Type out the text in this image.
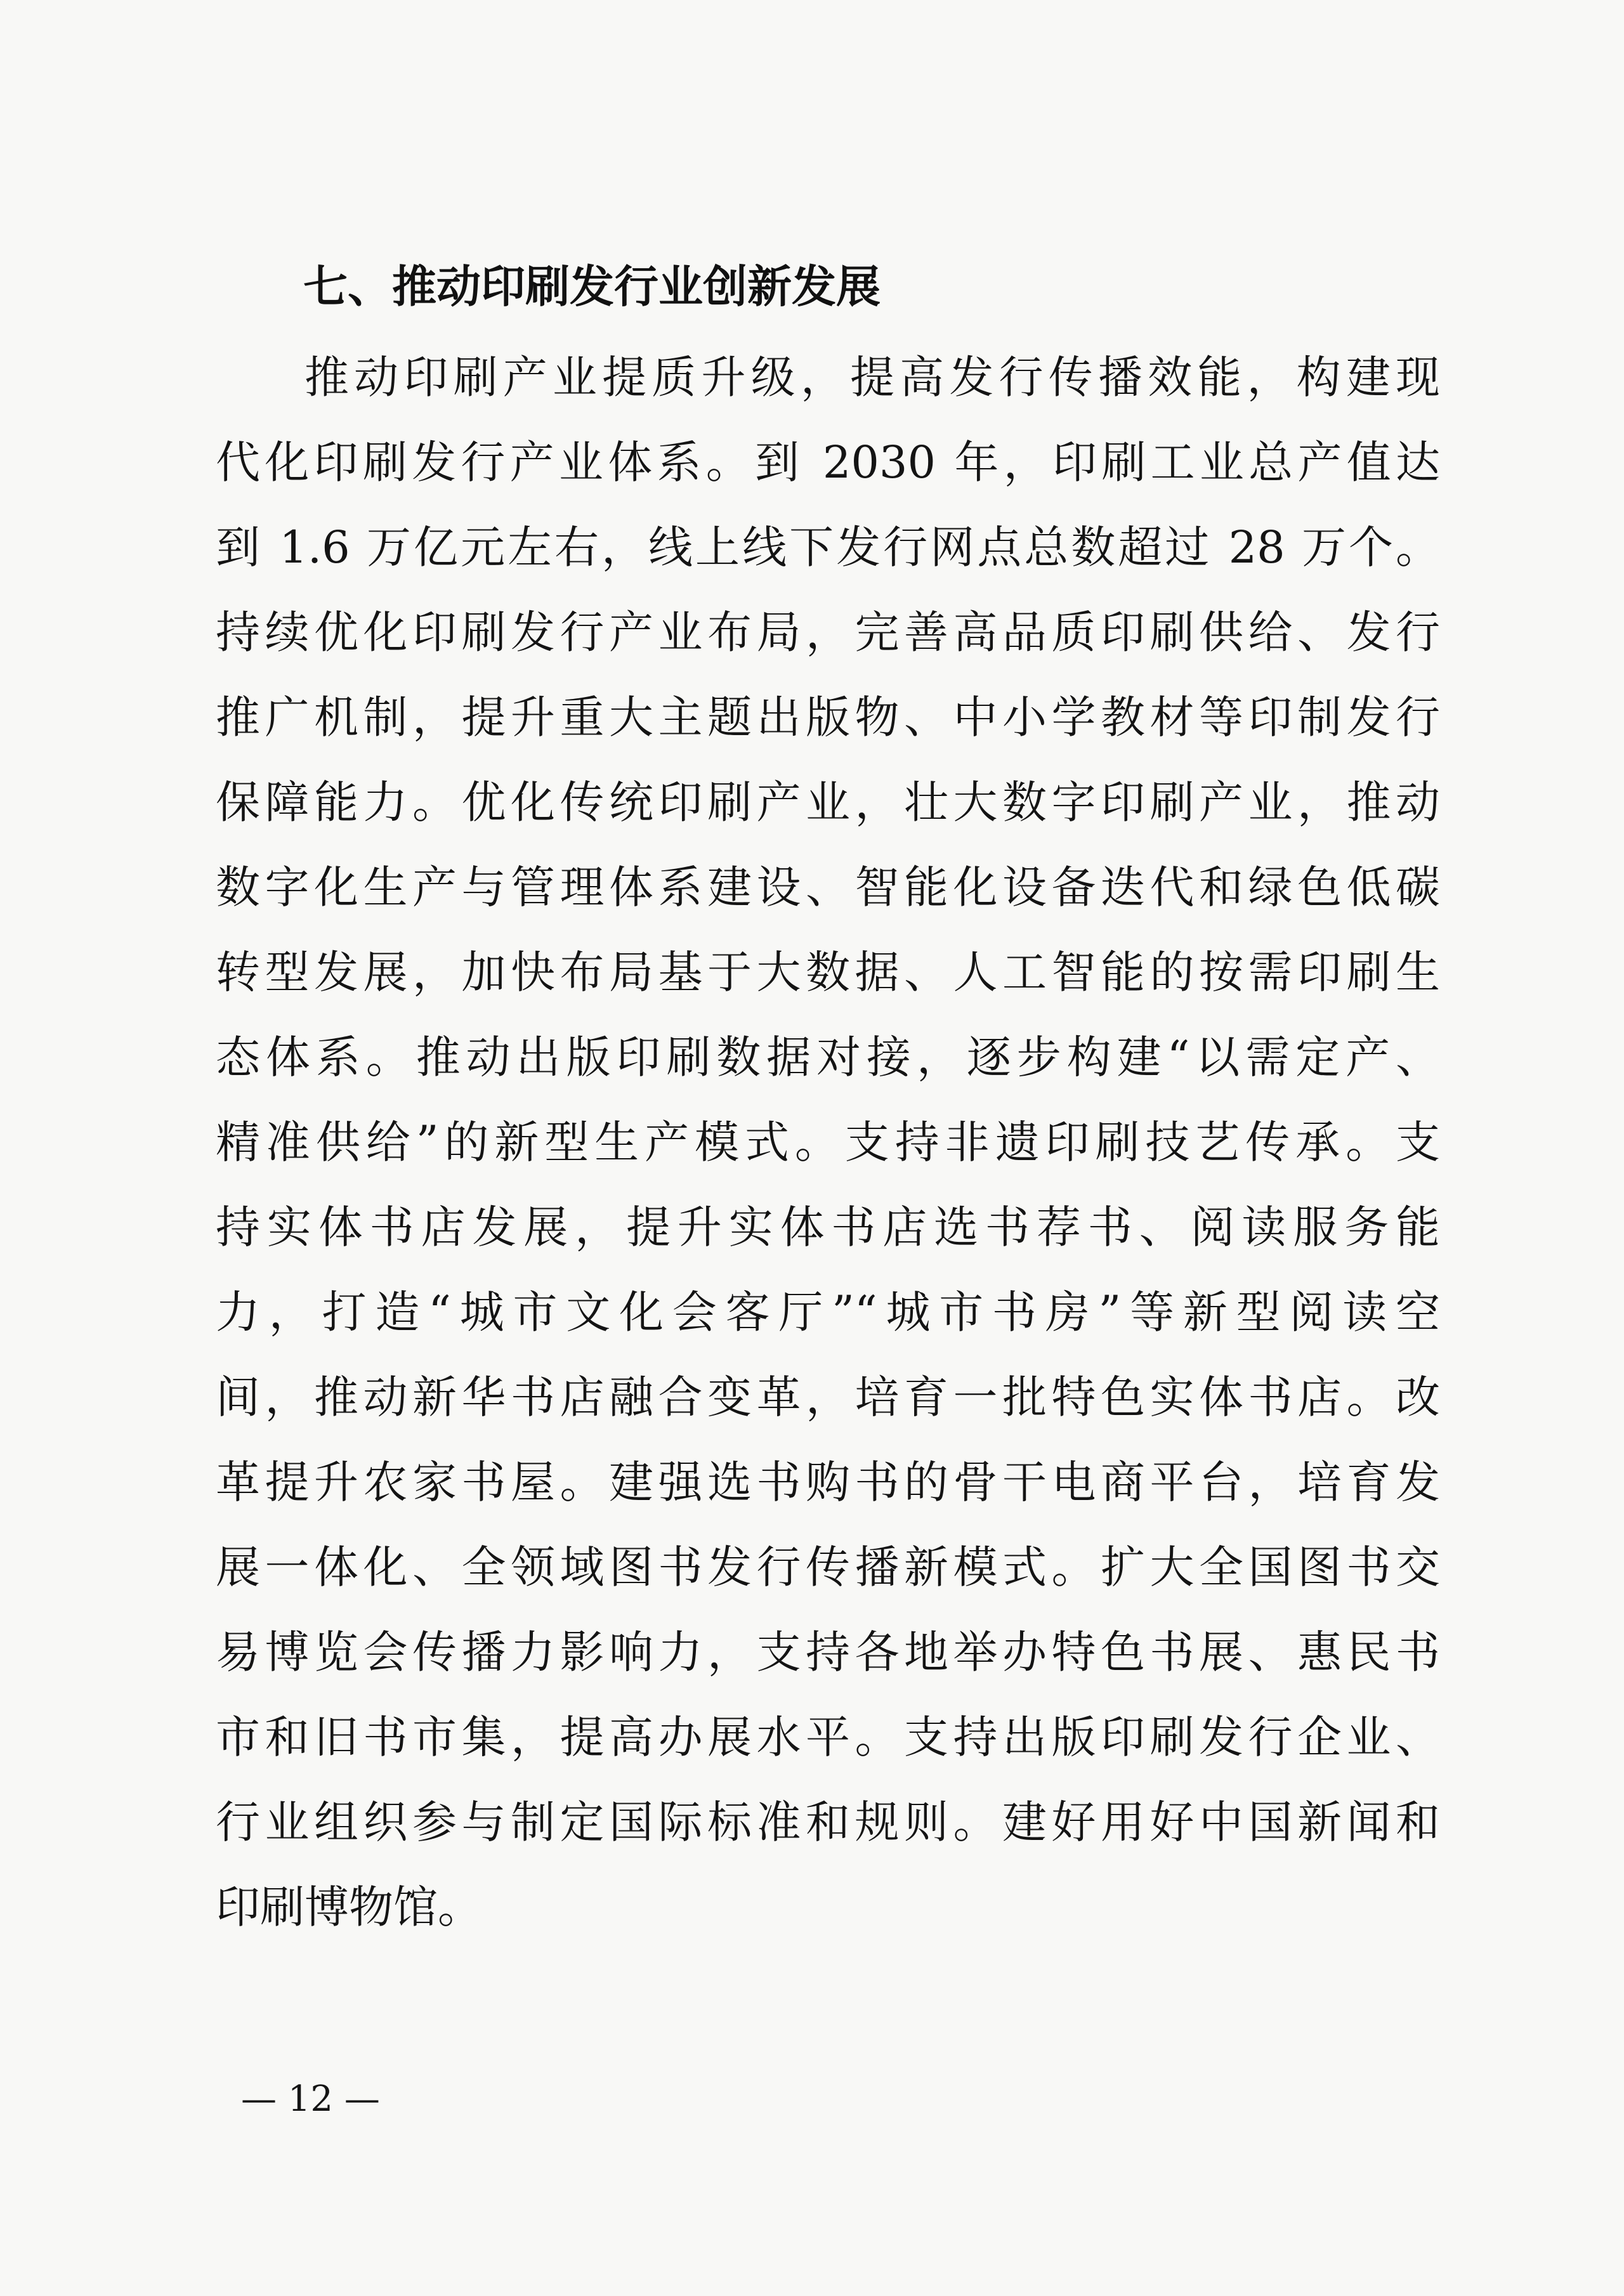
七、推动印刷发行业创新发展
推动印刷产业提质升级，提高发行传播效能，构建现
代化印刷发行产业体系。到 2030 年，印刷工业总产值达
到 1.6 万亿元左右，线上线下发行网点总数超过 28 万个。
持续优化印刷发行产业布局，完善高品质印刷供给、发行
推广机制，提升重大主题出版物、中小学教材等印制发行
保障能力。优化传统印刷产业，壮大数字印刷产业，推动
数字化生产与管理体系建设、智能化设备迭代和绿色低碳
转型发展，加快布局基于大数据、人工智能的按需印刷生
态体系。推动出版印刷数据对接，逐步构建“以需定产、
精准供给”的新型生产模式。支持非遗印刷技艺传承。支
持实体书店发展，提升实体书店选书荐书、阅读服务能
力，打造“城市文化会客厅”“城市书房”等新型阅读空
间，推动新华书店融合变革，培育一批特色实体书店。改
革提升农家书屋。建强选书购书的骨干电商平台，培育发
展一体化、全领域图书发行传播新模式。扩大全国图书交
易博览会传播力影响力，支持各地举办特色书展、惠民书
市和旧书市集，提高办展水平。支持出版印刷发行企业、
行业组织参与制定国际标准和规则。建好用好中国新闻和
印刷博物馆。
— 12 —
